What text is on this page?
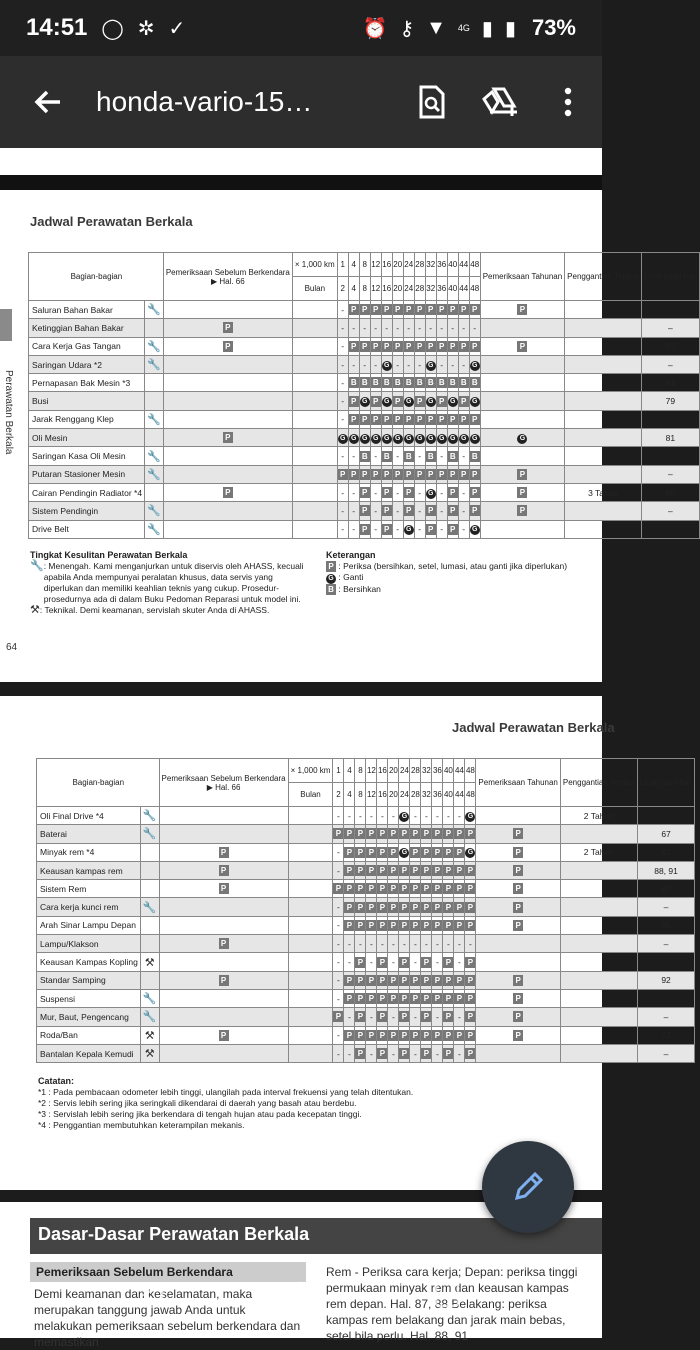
14:51 ◯ ✲ ✓	⏰ ⚷ ▼ 4G ▮ ▮ 73%
honda-vario-15…
Jadwal Perawatan Berkala
Perawatan Berkala
Bagian-bagian		Pemeriksaan Sebelum Berkendara
▶ Hal. 66	× 1,000 km	1	4	8	12	16	20	24	28	32	36	40	44	48	Pemeriksaan Tahunan	Penggantian Teratur	Lihat pada hal.
			Bulan	2	4	8	12	16	20	24	28	32	36	40	44	48			
Saluran Bahan Bakar	🔧			-	P	P	P	P	P	P	P	P	P	P	P	P	P		–
Ketinggian Bahan Bakar		P		-	-	-	-	-	-	-	-	-	-	-	-	-			–
Cara Kerja Gas Tangan	🔧	P		-	P	P	P	P	P	P	P	P	P	P	P	P	P		93
Saringan Udara *2	🔧			-	-	-	-	G	-	-	-	G	-	-	-	G			–
Pernapasan Bak Mesin *3				-	B	B	B	B	B	B	B	B	B	B	B	B			94
Busi				-	P	G	P	G	P	G	P	G	P	G	P	G			79
Jarak Renggang Klep	🔧			-	P	P	P	P	P	P	P	P	P	P	P	P			–
Oli Mesin		P		G	G	G	G	G	G	G	G	G	G	G	G	G	G		81
Saringan Kasa Oli Mesin	🔧			-	-	B	-	B	-	B	-	B	-	B	-	B			–
Putaran Stasioner Mesin	🔧			P	P	P	P	P	P	P	P	P	P	P	P	P	P		–
Cairan Pendingin Radiator *4		P		-	-	P	-	P	-	P	-	G	-	P	-	P	P	3 Tahun	85
Sistem Pendingin	🔧			-	-	P	-	P	-	P	-	P	-	P	-	P	P		–
Drive Belt	🔧			-	-	P	-	P	-	G	-	P	-	P	-	G			–
Tingkat Kesulitan Perawatan Berkala
🔧 : Menengah. Kami menganjurkan untuk diservis oleh AHASS, kecuali apabila Anda mempunyai peralatan khusus, data servis yang diperlukan dan memiliki keahlian teknis yang cukup. Prosedur-prosedurnya ada di dalam Buku Pedoman Reparasi untuk model ini.
⚒ : Teknikal. Demi keamanan, servislah skuter Anda di AHASS.
Keterangan
P : Periksa (bersihkan, setel, lumasi, atau ganti jika diperlukan)
G : Ganti
B : Bersihkan
64
Jadwal Perawatan Berkala
Bagian-bagian		Pemeriksaan Sebelum Berkendara
▶ Hal. 66	× 1,000 km	1	4	8	12	16	20	24	28	32	36	40	44	48	Pemeriksaan Tahunan	Penggantian Teratur	Lihat pada hal.
			Bulan	2	4	8	12	16	20	24	28	32	36	40	44	48			
Oli Final Drive *4	🔧			-	-	-	-	-	-	G	-	-	-	-	-	G		2 Tahun	–
Baterai	🔧			P	P	P	P	P	P	P	P	P	P	P	P	P	P		67
Minyak rem *4		P		-	P	P	P	P	P	G	P	P	P	P	P	G	P	2 Tahun	87
Keausan kampas rem		P		-	P	P	P	P	P	P	P	P	P	P	P	P	P		88, 91
Sistem Rem		P		P	P	P	P	P	P	P	P	P	P	P	P	P	P		87
Cara kerja kunci rem	🔧			-	P	P	P	P	P	P	P	P	P	P	P	P	P		–
Arah Sinar Lampu Depan				-	P	P	P	P	P	P	P	P	P	P	P	P	P		95
Lampu/Klakson		P		-	-	-	-	-	-	-	-	-	-	-	-	-			–
Keausan Kampas Kopling	⚒			-	-	P	-	P	-	P	-	P	-	P	-	P			–
Standar Samping		P		-	P	P	P	P	P	P	P	P	P	P	P	P	P		92
Suspensi	🔧			-	P	P	P	P	P	P	P	P	P	P	P	P	P		–
Mur, Baut, Pengencang	🔧			P	-	P	-	P	-	P	-	P	-	P	-	P	P		–
Roda/Ban	⚒	P		-	P	P	P	P	P	P	P	P	P	P	P	P	P		72
Bantalan Kepala Kemudi	⚒			-	-	P	-	P	-	P	-	P	-	P	-	P			–
Catatan:
*1 : Pada pembacaan odometer lebih tinggi, ulangilah pada interval frekuensi yang telah ditentukan.
*2 : Servis lebih sering jika seringkali dikendarai di daerah yang basah atau berdebu.
*3 : Servislah lebih sering jika berkendara di tengah hujan atau pada kecepatan tinggi.
*4 : Penggantian membutuhkan keterampilan mekanis.
Dasar-Dasar Perawatan Berkala
Pemeriksaan Sebelum Berkendara
Demi keamanan dan keselamatan, maka merupakan tanggung jawab Anda untuk melakukan pemeriksaan sebelum berkendara dan memastikan
Rem - Periksa cara kerja; Depan: periksa tinggi permukaan minyak rem dan keausan kampas rem depan. Hal. 87, 88 Belakang: periksa kampas rem belakang dan jarak main bebas, setel bila perlu. Hal. 88, 91
